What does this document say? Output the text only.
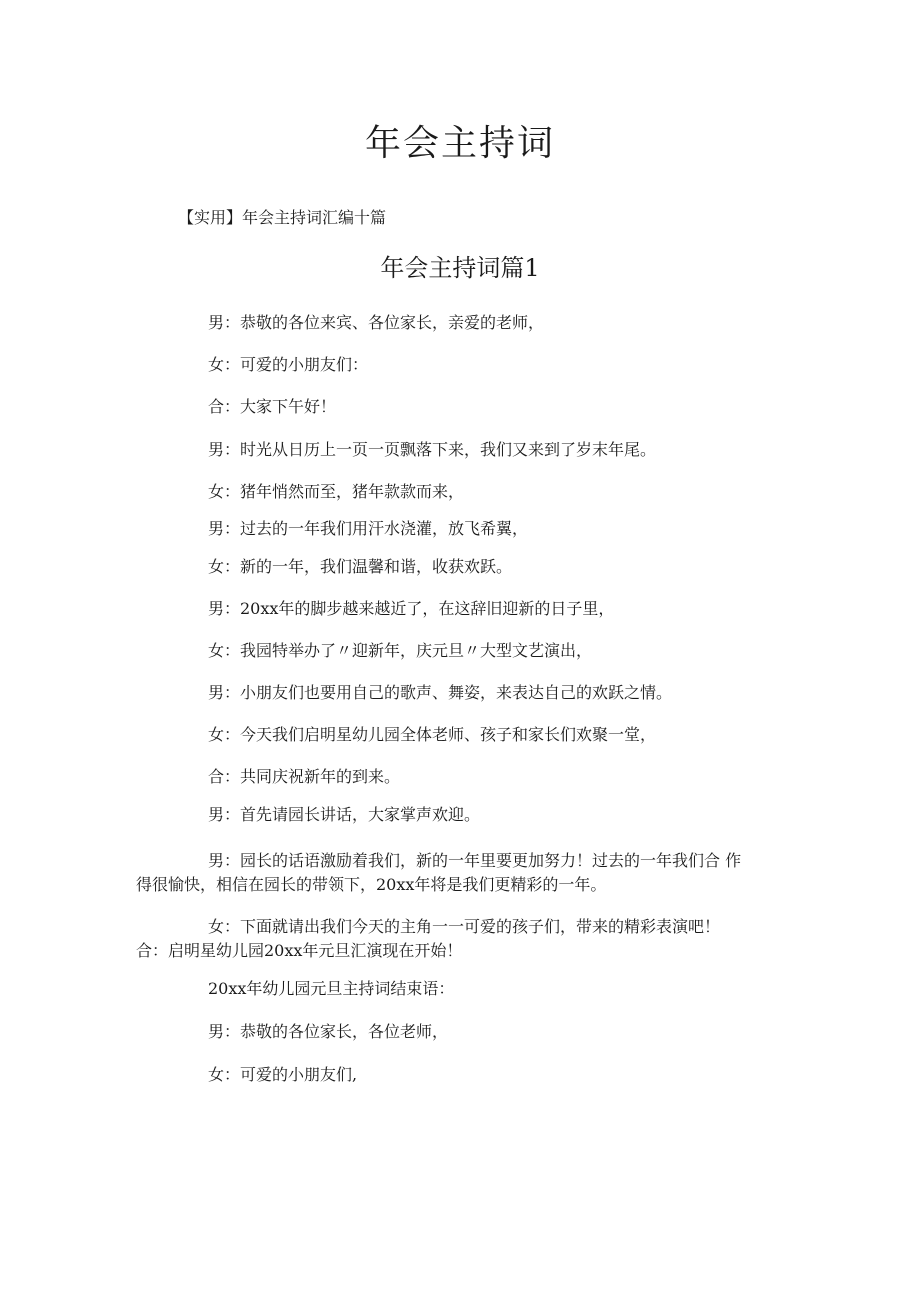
年会主持词
【实用】年会主持词汇编十篇
年会主持词篇1
男：恭敬的各位来宾、各位家长，亲爱的老师，
女：可爱的小朋友们：
合：大家下午好！
男：时光从日历上一页一页飘落下来，我们又来到了岁末年尾。
女：猪年悄然而至，猪年款款而来，
男：过去的一年我们用汗水浇灌，放飞希翼，
女：新的一年，我们温馨和谐，收获欢跃。
男：20xx年的脚步越来越近了，在这辞旧迎新的日子里，
女：我园特举办了〃迎新年，庆元旦〃大型文艺演出，
男：小朋友们也要用自己的歌声、舞姿，来表达自己的欢跃之情。
女：今天我们启明星幼儿园全体老师、孩子和家长们欢聚一堂，
合：共同庆祝新年的到来。
男：首先请园长讲话，大家掌声欢迎。
男：园长的话语激励着我们，新的一年里要更加努力！过去的一年我们合 作
得很愉快，相信在园长的带领下，20xx年将是我们更精彩的一年。
女：下面就请出我们今天的主角一一可爱的孩子们，带来的精彩表演吧！
合：启明星幼儿园20xx年元旦汇演现在开始！
20xx年幼儿园元旦主持词结束语：
男：恭敬的各位家长，各位老师，
女：可爱的小朋友们,
